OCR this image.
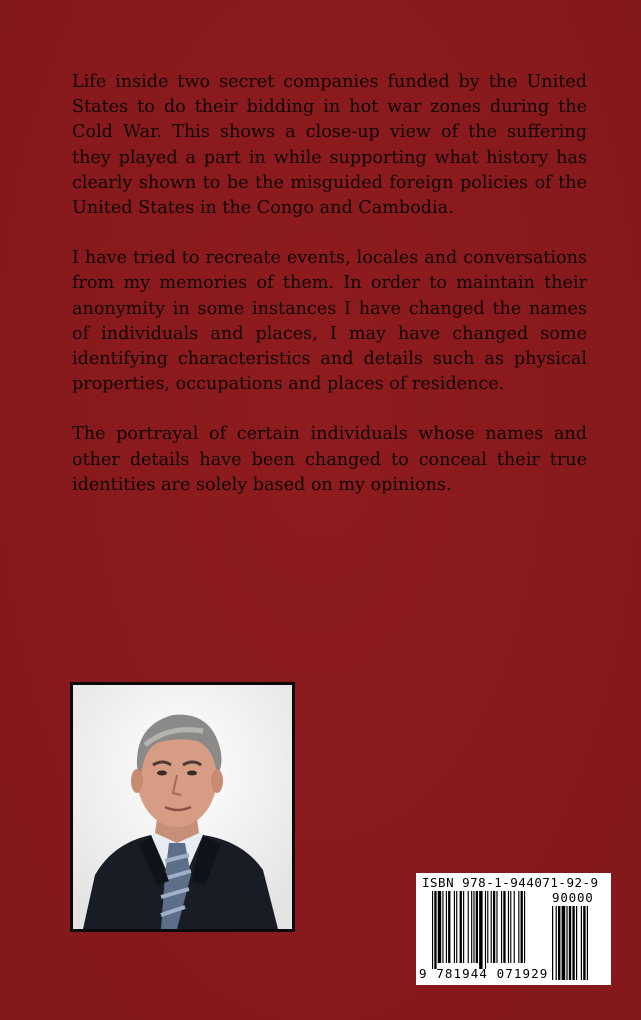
Life inside two secret companies funded by the United States to do their bidding in hot war zones during the Cold War. This shows a close-up view of the suffering they played a part in while supporting what history has clearly shown to be the misguided foreign policies of the United States in the Congo and Cambodia.

I have tried to recreate events, locales and conversations from my memories of them. In order to maintain their anonymity in some instances I have changed the names of individuals and places, I may have changed some identifying characteristics and details such as physical properties, occupations and places of residence.

The portrayal of certain individuals whose names and other details have been changed to conceal their true identities are solely based on my opinions.

ISBN 978-1-944071-92-9
90000
9 781944 071929
